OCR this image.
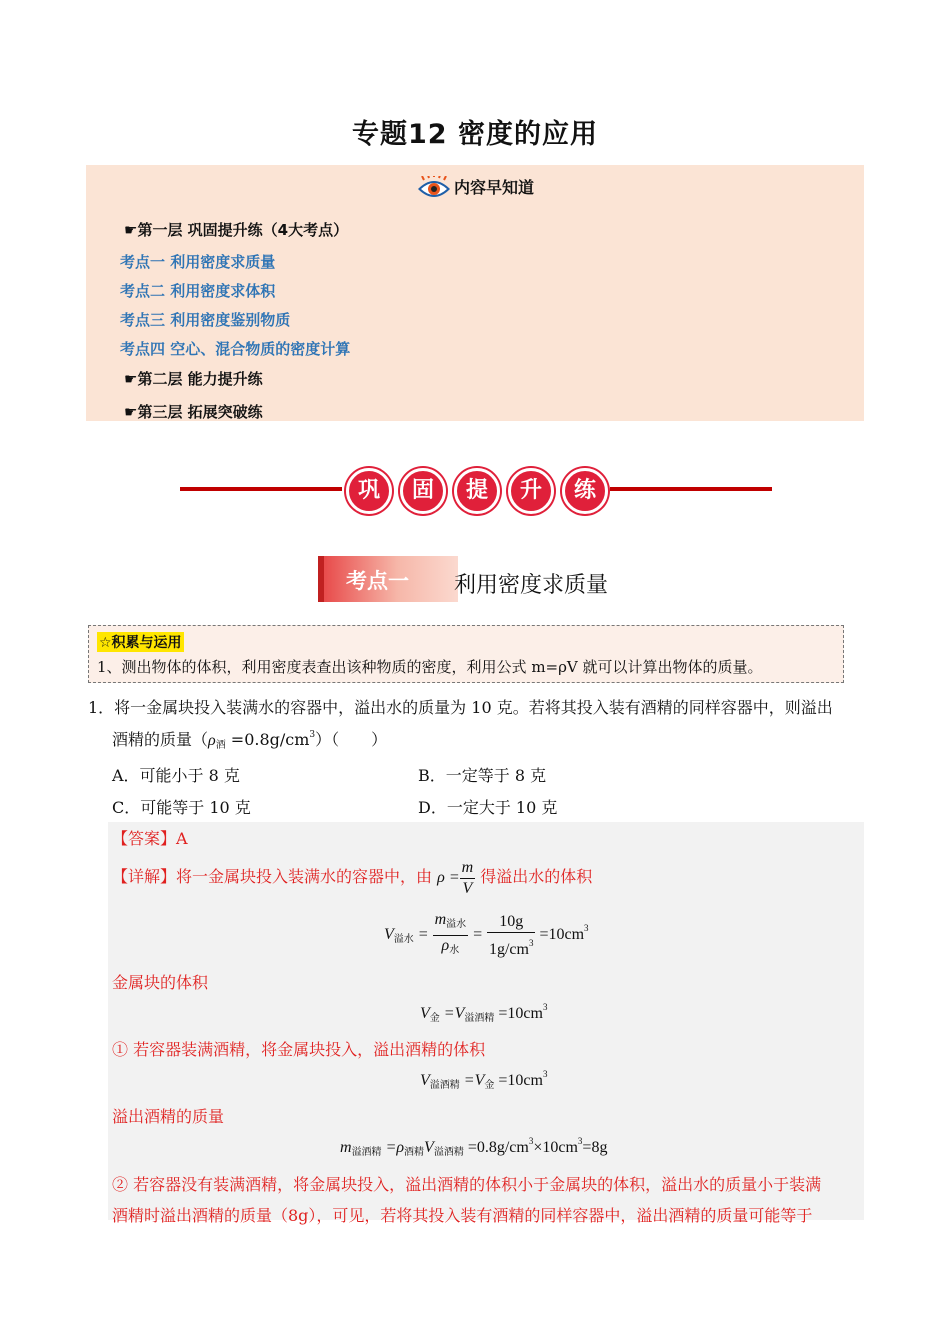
专题12 密度的应用
内容早知道
☛第一层 巩固提升练（4大考点）
考点一 利用密度求质量
考点二 利用密度求体积
考点三 利用密度鉴别物质
考点四 空心、混合物质的密度计算
☛第二层 能力提升练
☛第三层 拓展突破练
巩	固	提	升	练
考点一 利用密度求质量
☆积累与运用
1、测出物体的体积，利用密度表查出该种物质的密度，利用公式 m=ρV 就可以计算出物体的质量。
1．将一金属块投入装满水的容器中，溢出水的质量为 10 克。若将其投入装有酒精的同样容器中，则溢出
酒精的质量$(\rho_酒 =0.8g/cm^3)$（　　）
A．可能小于 8 克	B．一定等于 8 克
C．可能等于 10 克	D．一定大于 10 克
【答案】A
【详解】将一金属块投入装满水的容器中，由 $\rho = \frac{m}{V}$ 得溢出水的体积
$V_{溢水} = \frac{m_{溢水}}{\rho_水} = \frac{10g}{1g/cm^3} =10cm^3$
金属块的体积
$V_金 =V_{溢酒精} =10cm^3$
① 若容器装满酒精，将金属块投入，溢出酒精的体积
$V_{溢酒精} =V_金 =10cm^3$
溢出酒精的质量
$m_{溢酒精} =\rho_{酒精}V_{溢酒精} =0.8g/cm^3\times 10cm^3=8g$
② 若容器没有装满酒精，将金属块投入，溢出酒精的体积小于金属块的体积，溢出水的质量小于装满
酒精时溢出酒精的质量（8g），可见，若将其投入装有酒精的同样容器中，溢出酒精的质量可能等于
